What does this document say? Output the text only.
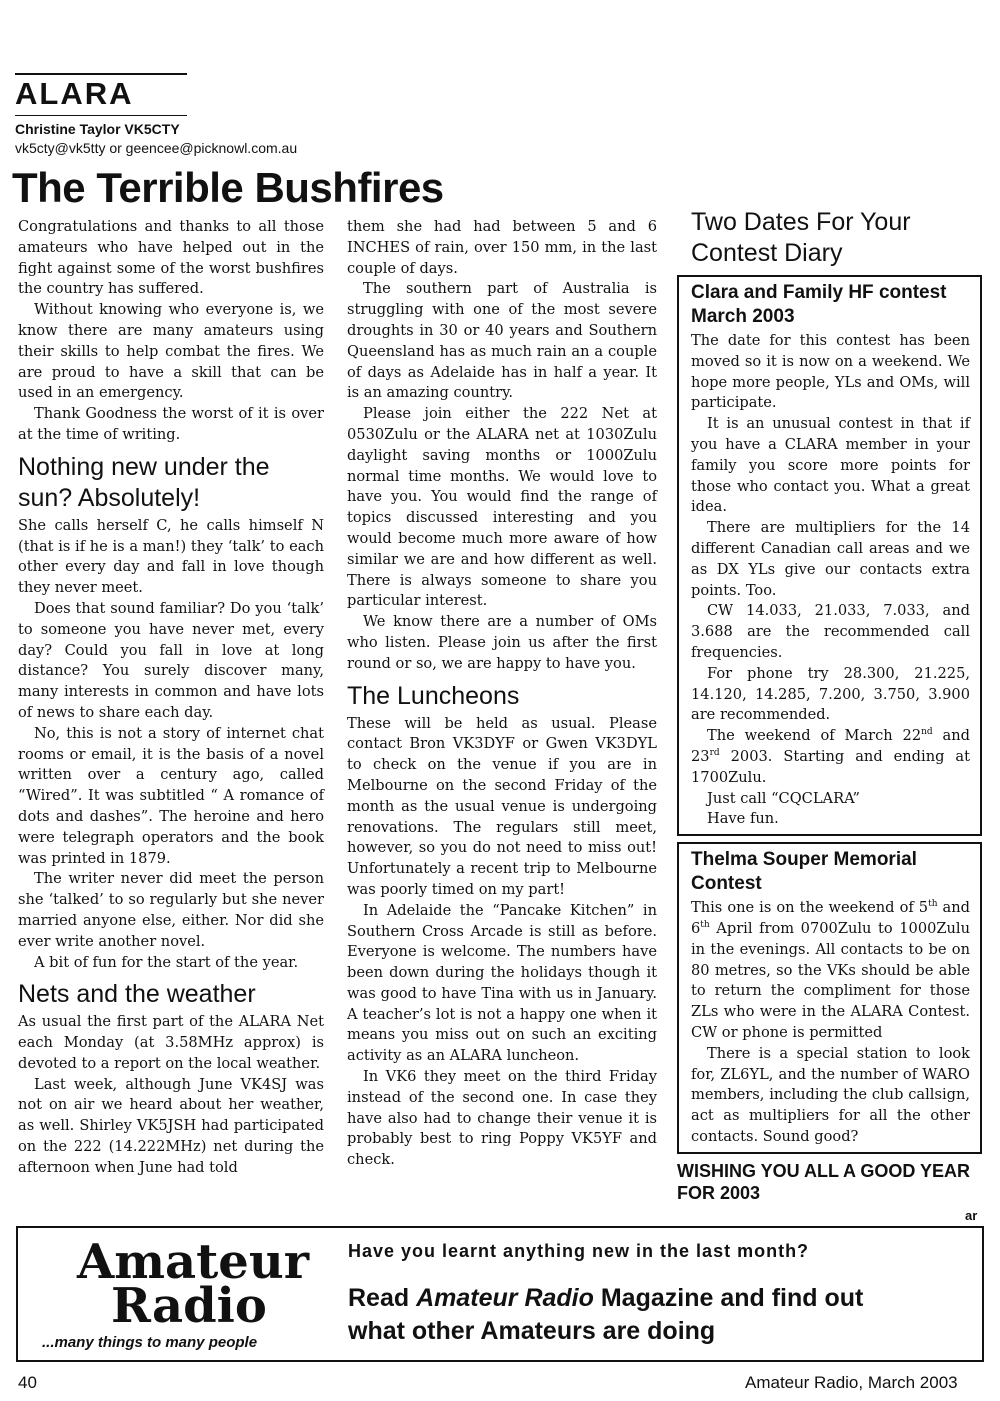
ALARA
Christine Taylor VK5CTY
vk5cty@vk5tty or geencee@picknowl.com.au
The Terrible Bushfires

Congratulations and thanks to all those amateurs who have helped out in the fight against some of the worst bushfires the country has suffered.

Without knowing who everyone is, we know there are many amateurs using their skills to help combat the fires. We are proud to have a skill that can be used in an emergency.

Thank Goodness the worst of it is over at the time of writing.

Nothing new under the sun? Absolutely!

She calls herself C, he calls himself N (that is if he is a man!) they ‘talk’ to each other every day and fall in love though they never meet.

Does that sound familiar? Do you ‘talk’ to someone you have never met, every day? Could you fall in love at long distance? You surely discover many, many interests in common and have lots of news to share each day.

No, this is not a story of internet chat rooms or email, it is the basis of a novel written over a century ago, called “Wired”. It was subtitled “ A romance of dots and dashes”. The heroine and hero were telegraph operators and the book was printed in 1879.

The writer never did meet the person she ‘talked’ to so regularly but she never married anyone else, either. Nor did she ever write another novel.

A bit of fun for the start of the year.

Nets and the weather

As usual the first part of the ALARA Net each Monday (at 3.58MHz approx) is devoted to a report on the local weather.

Last week, although June VK4SJ was not on air we heard about her weather, as well. Shirley VK5JSH had participated on the 222 (14.222MHz) net during the afternoon when June had told

them she had had between 5 and 6 INCHES of rain, over 150 mm, in the last couple of days.

The southern part of Australia is struggling with one of the most severe droughts in 30 or 40 years and Southern Queensland has as much rain an a couple of days as Adelaide has in half a year. It is an amazing country.

Please join either the 222 Net at 0530Zulu or the ALARA net at 1030Zulu daylight saving months or 1000Zulu normal time months. We would love to have you. You would find the range of topics discussed interesting and you would become much more aware of how similar we are and how different as well. There is always someone to share you particular interest.

We know there are a number of OMs who listen. Please join us after the first round or so, we are happy to have you.

The Luncheons

These will be held as usual. Please contact Bron VK3DYF or Gwen VK3DYL to check on the venue if you are in Melbourne on the second Friday of the month as the usual venue is undergoing renovations. The regulars still meet, however, so you do not need to miss out! Unfortunately a recent trip to Melbourne was poorly timed on my part!

In Adelaide the “Pancake Kitchen” in Southern Cross Arcade is still as before. Everyone is welcome. The numbers have been down during the holidays though it was good to have Tina with us in January. A teacher’s lot is not a happy one when it means you miss out on such an exciting activity as an ALARA luncheon.

In VK6 they meet on the third Friday instead of the second one. In case they have also had to change their venue it is probably best to ring Poppy VK5YF and check.

Two Dates For Your Contest Diary
Clara and Family HF contest March 2003

The date for this contest has been moved so it is now on a weekend. We hope more people, YLs and OMs, will participate.

It is an unusual contest in that if you have a CLARA member in your family you score more points for those who contact you. What a great idea.

There are multipliers for the 14 different Canadian call areas and we as DX YLs give our contacts extra points. Too.

CW 14.033, 21.033, 7.033, and 3.688 are the recommended call frequencies.

For phone try 28.300, 21.225, 14.120, 14.285, 7.200, 3.750, 3.900 are recommended.

The weekend of March 22nd and 23rd 2003. Starting and ending at 1700Zulu.

Just call “CQCLARA”

Have fun.

Thelma Souper Memorial Contest

This one is on the weekend of 5th and 6th April from 0700Zulu to 1000Zulu in the evenings. All contacts to be on 80 metres, so the VKs should be able to return the compliment for those ZLs who were in the ALARA Contest. CW or phone is permitted

There is a special station to look for, ZL6YL, and the number of WARO members, including the club callsign, act as multipliers for all the other contacts. Sound good?

WISHING YOU ALL A GOOD YEAR FOR 2003
ar
Amateur
Radio
...many things to many people
Have you learnt anything new in the last month?
Read Amateur Radio Magazine and find out
what other Amateurs are doing
40	Amateur Radio, March 2003
